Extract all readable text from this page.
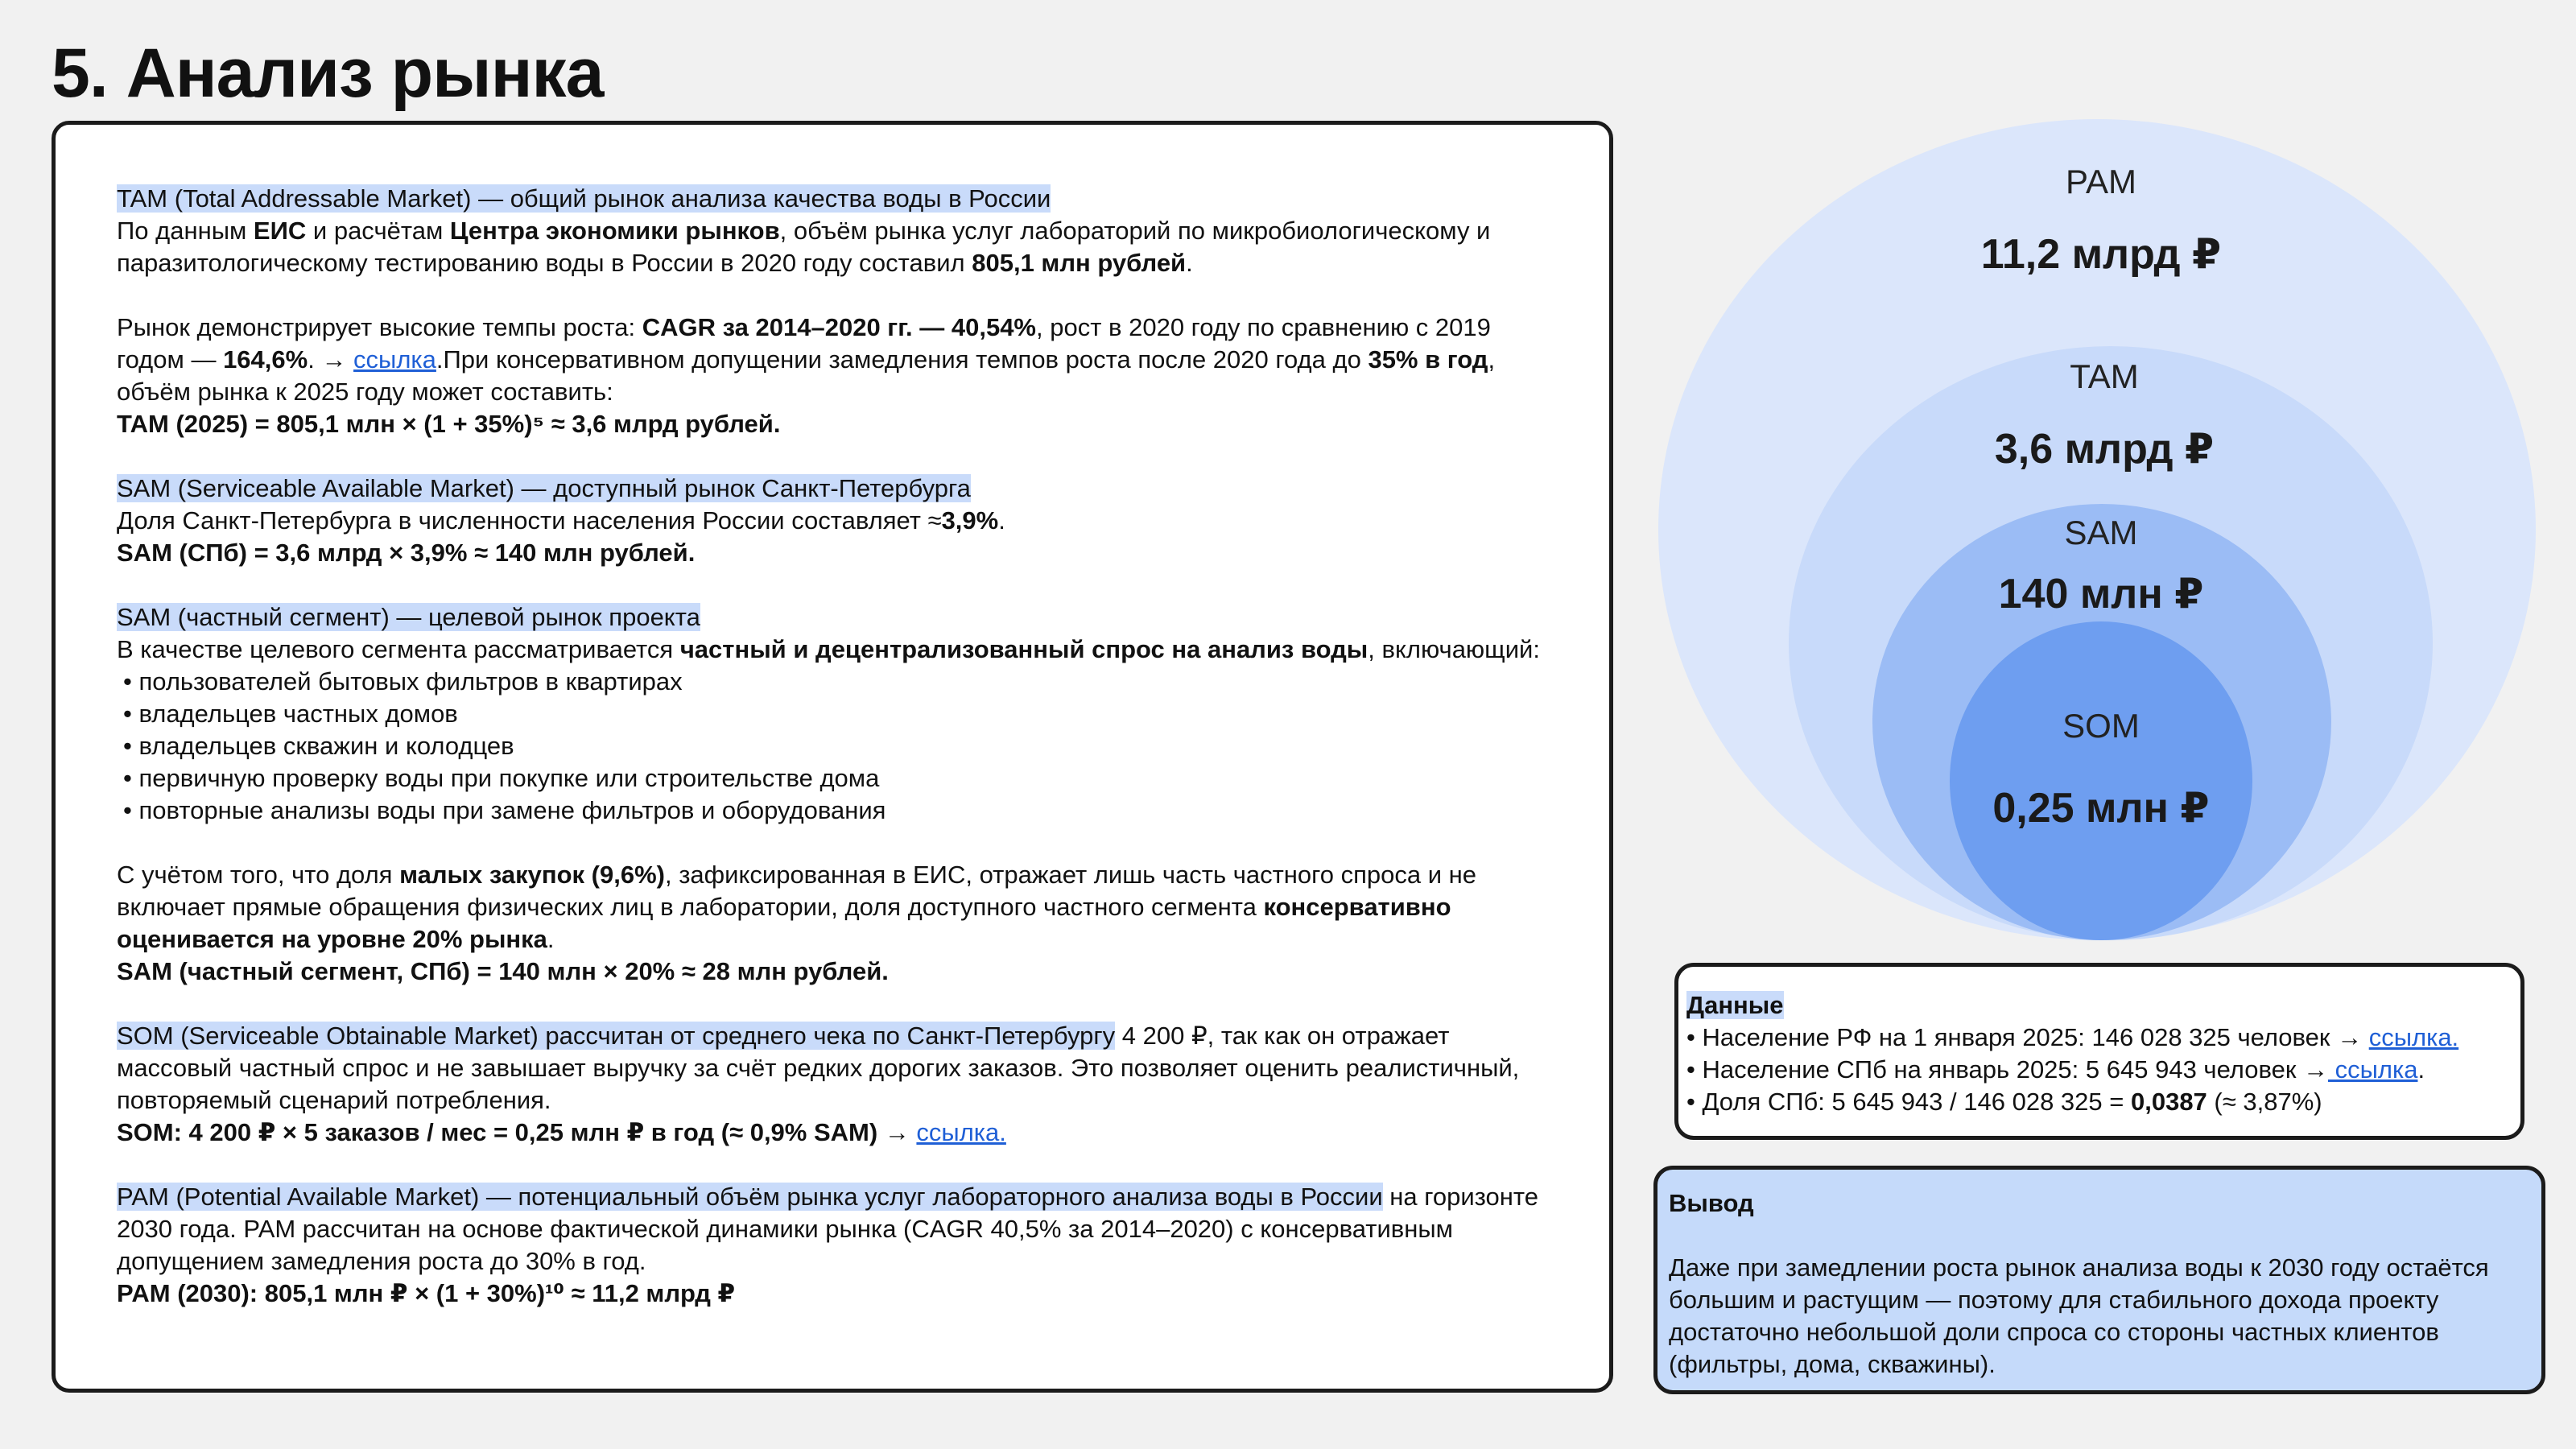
5. Анализ рынка

TAM (Total Addressable Market) — общий рынок анализа качества воды в России

По данным ЕИС и расчётам Центра экономики рынков, объём рынка услуг лабораторий по микробиологическому и паразитологическому тестированию воды в России в 2020 году составил 805,1 млн рублей.

Рынок демонстрирует высокие темпы роста: CAGR за 2014–2020 гг. — 40,54%, рост в 2020 году по сравнению с 2019 годом — 164,6%. → ссылка.При консервативном допущении замедления темпов роста после 2020 года до 35% в год, объём рынка к 2025 году может составить:

TAM (2025) = 805,1 млн × (1 + 35%)⁵ ≈ 3,6 млрд рублей.

SAM (Serviceable Available Market) — доступный рынок Санкт-Петербурга

Доля Санкт-Петербурга в численности населения России составляет ≈3,9%.

SAM (СПб) = 3,6 млрд × 3,9% ≈ 140 млн рублей.

SAM (частный сегмент) — целевой рынок проекта

В качестве целевого сегмента рассматривается частный и децентрализованный спрос на анализ воды, включающий:

• пользователей бытовых фильтров в квартирах

• владельцев частных домов

• владельцев скважин и колодцев

• первичную проверку воды при покупке или строительстве дома

• повторные анализы воды при замене фильтров и оборудования

С учётом того, что доля малых закупок (9,6%), зафиксированная в ЕИС, отражает лишь часть частного спроса и не включает прямые обращения физических лиц в лаборатории, доля доступного частного сегмента консервативно оценивается на уровне 20% рынка.

SAM (частный сегмент, СПб) = 140 млн × 20% ≈ 28 млн рублей.

SOM (Serviceable Obtainable Market) рассчитан от среднего чека по Санкт-Петербургу 4 200 ₽, так как он отражает массовый частный спрос и не завышает выручку за счёт редких дорогих заказов. Это позволяет оценить реалистичный, повторяемый сценарий потребления.

SOM: 4 200 ₽ × 5 заказов / мес = 0,25 млн ₽ в год (≈ 0,9% SAM) → ссылка.

PAM (Potential Available Market) — потенциальный объём рынка услуг лабораторного анализа воды в России на горизонте 2030 года. PAM рассчитан на основе фактической динамики рынка (CAGR 40,5% за 2014–2020) с консервативным допущением замедления роста до 30% в год.

PAM (2030): 805,1 млн ₽ × (1 + 30%)¹⁰ ≈ 11,2 млрд ₽

PAM
11,2 млрд ₽
TAM
3,6 млрд ₽
SAM
140 млн ₽
SOM
0,25 млн ₽

Данные

• Население РФ на 1 января 2025: 146 028 325 человек → ссылка.

• Население СПб на январь 2025: 5 645 943 человек → ссылка.

• Доля СПб: 5 645 943 / 146 028 325 = 0,0387 (≈ 3,87%)

Вывод

Даже при замедлении роста рынок анализа воды к 2030 году остаётся большим и растущим — поэтому для стабильного дохода проекту достаточно небольшой доли спроса со стороны частных клиентов (фильтры, дома, скважины).
